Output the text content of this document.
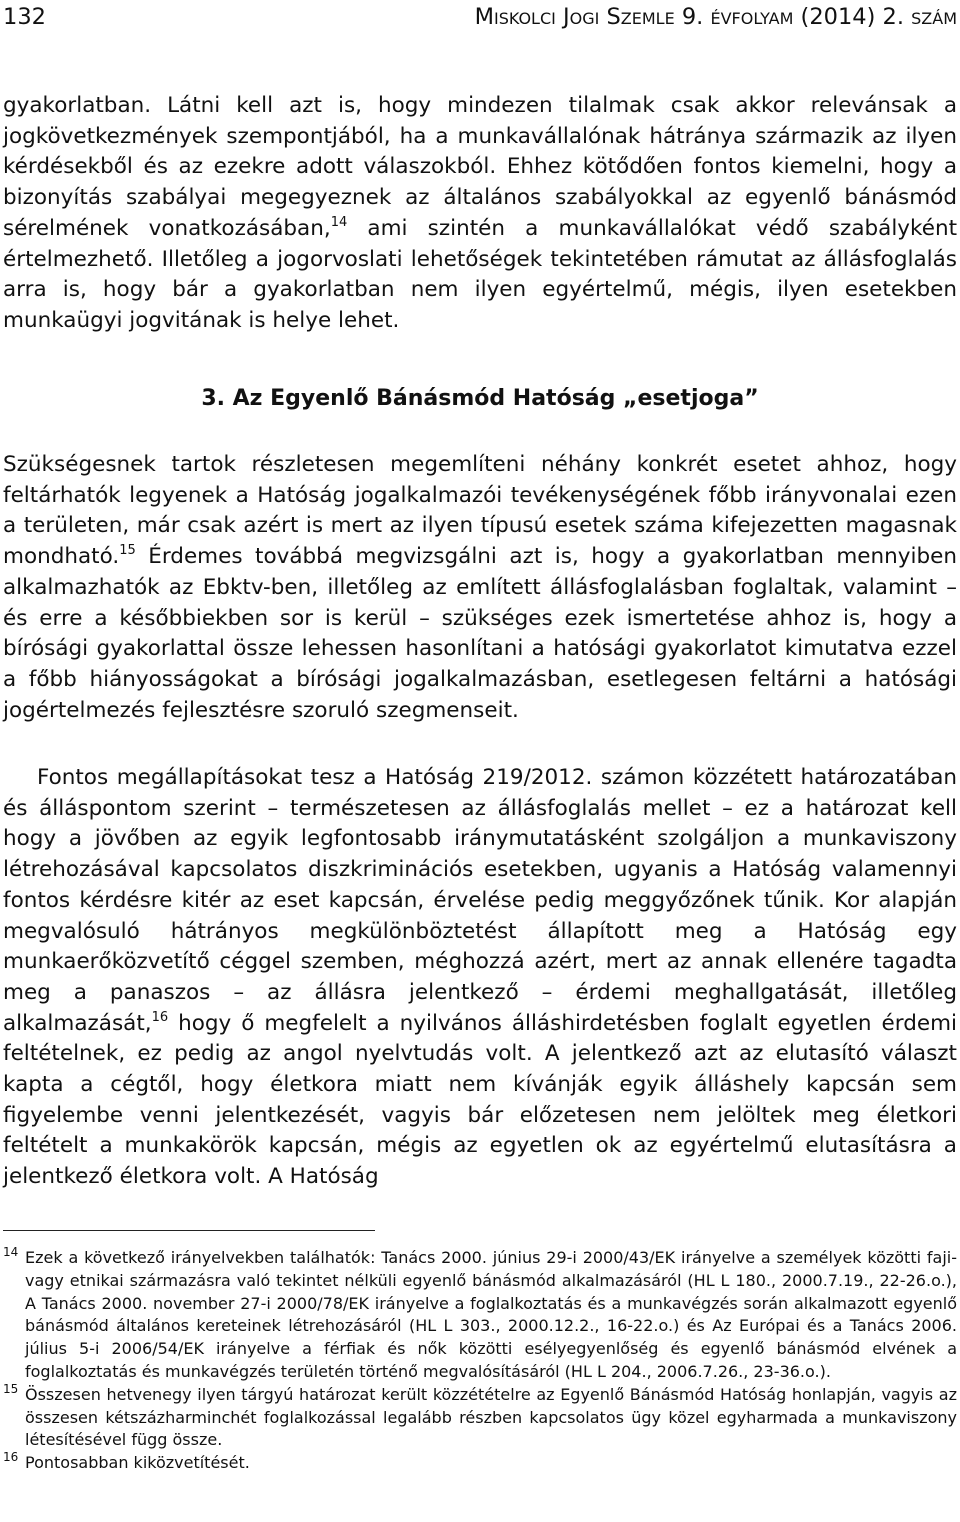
132	Miskolci Jogi Szemle 9. évfolyam (2014) 2. szám
gyakorlatban. Látni kell azt is, hogy mindezen tilalmak csak akkor relevánsak a jogkövetkezmények szempontjából, ha a munkavállalónak hátránya származik az ilyen kérdésekből és az ezekre adott válaszokból. Ehhez kötődően fontos kiemelni, hogy a bizonyítás szabályai megegyeznek az általános szabályokkal az egyenlő bánásmód sérelmének vonatkozásában,$^{14}$ ami szintén a munkavállalókat védő szabályként értelmezhető. Illetőleg a jogorvoslati lehetőségek tekintetében rámutat az állásfoglalás arra is, hogy bár a gyakorlatban nem ilyen egyértelmű, mégis, ilyen esetekben munkaügyi jogvitának is helye lehet.
3. Az Egyenlő Bánásmód Hatóság „esetjoga”
Szükségesnek tartok részletesen megemlíteni néhány konkrét esetet ahhoz, hogy feltárhatók legyenek a Hatóság jogalkalmazói tevékenységének főbb irányvonalai ezen a területen, már csak azért is mert az ilyen típusú esetek száma kifejezetten magasnak mondható.$^{15}$ Érdemes továbbá megvizsgálni azt is, hogy a gyakorlatban mennyiben alkalmazhatók az Ebktv-ben, illetőleg az említett állásfoglalásban foglaltak, valamint – és erre a későbbiekben sor is kerül – szükséges ezek ismertetése ahhoz is, hogy a bírósági gyakorlattal össze lehessen hasonlítani a hatósági gyakorlatot kimutatva ezzel a főbb hiányosságokat a bírósági jogalkalmazásban, esetlegesen feltárni a hatósági jogértelmezés fejlesztésre szoruló szegmenseit.
Fontos megállapításokat tesz a Hatóság 219/2012. számon közzétett határozatában és álláspontom szerint – természetesen az állásfoglalás mellet – ez a határozat kell hogy a jövőben az egyik legfontosabb iránymutatásként szolgáljon a munkaviszony létrehozásával kapcsolatos diszkriminációs esetekben, ugyanis a Hatóság valamennyi fontos kérdésre kitér az eset kapcsán, érvelése pedig meggyőzőnek tűnik. Kor alapján megvalósuló hátrányos megkülönböztetést állapított meg a Hatóság egy munkaerőközvetítő céggel szemben, méghozzá azért, mert az annak ellenére tagadta meg a panaszos – az állásra jelentkező – érdemi meghallgatását, illetőleg alkalmazását,$^{16}$ hogy ő megfelelt a nyilvános álláshirdetésben foglalt egyetlen érdemi feltételnek, ez pedig az angol nyelvtudás volt. A jelentkező azt az elutasító választ kapta a cégtől, hogy életkora miatt nem kívánják egyik álláshely kapcsán sem figyelembe venni jelentkezését, vagyis bár előzetesen nem jelöltek meg életkori feltételt a munkakörök kapcsán, mégis az egyetlen ok az egyértelmű elutasításra a jelentkező életkora volt. A Hatóság
14 Ezek a következő irányelvekben találhatók: Tanács 2000. június 29-i 2000/43/EK irányelve a személyek közötti faji- vagy etnikai származásra való tekintet nélküli egyenlő bánásmód alkalmazásáról (HL L 180., 2000.7.19., 22-26.o.), A Tanács 2000. november 27-i 2000/78/EK irányelve a foglalkoztatás és a munkavégzés során alkalmazott egyenlő bánásmód általános kereteinek létrehozásáról (HL L 303., 2000.12.2., 16-22.o.) és Az Európai és a Tanács 2006. július 5-i 2006/54/EK irányelve a férfiak és nők közötti esélyegyenlőség és egyenlő bánásmód elvének a foglalkoztatás és munkavégzés területén történő megvalósításáról (HL L 204., 2006.7.26., 23-36.o.).
15 Összesen hetvenegy ilyen tárgyú határozat került közzétételre az Egyenlő Bánásmód Hatóság honlapján, vagyis az összesen kétszázharminchét foglalkozással legalább részben kapcsolatos ügy közel egyharmada a munkaviszony létesítésével függ össze.
16 Pontosabban kiközvetítését.
